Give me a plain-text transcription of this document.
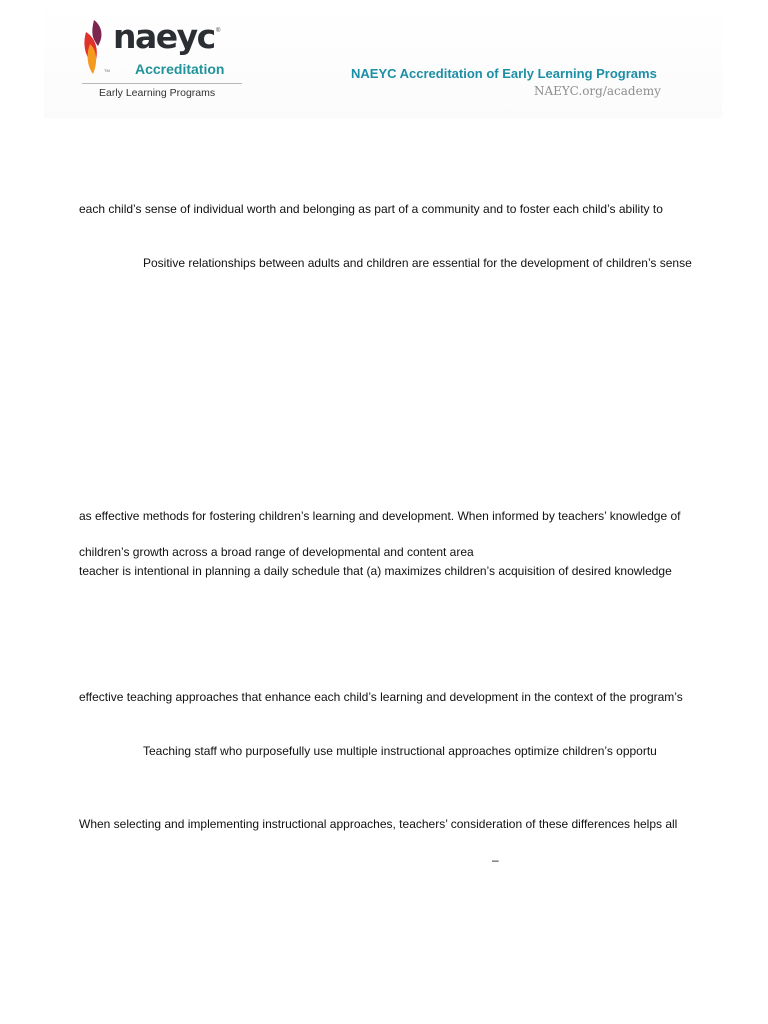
TM
naeyc ®
Accreditation
Early Learning Programs
NAEYC Accreditation of Early Learning Programs
NAEYC.org/academy
each child’s sense of individual worth and belonging as part of a community and to foster each child’s ability to
Positive relationships between adults and children are essential for the development of children’s sense
as effective methods for fostering children’s learning and development. When informed by teachers’ knowledge of
children’s growth across a broad range of developmental and content area
teacher is intentional in planning a daily schedule that (a) maximizes children’s acquisition of desired knowledge
effective teaching approaches that enhance each child’s learning and development in the context of the program’s
Teaching staff who purposefully use multiple instructional approaches optimize children’s opportu
When selecting and implementing instructional approaches, teachers’ consideration of these differences helps all
–
